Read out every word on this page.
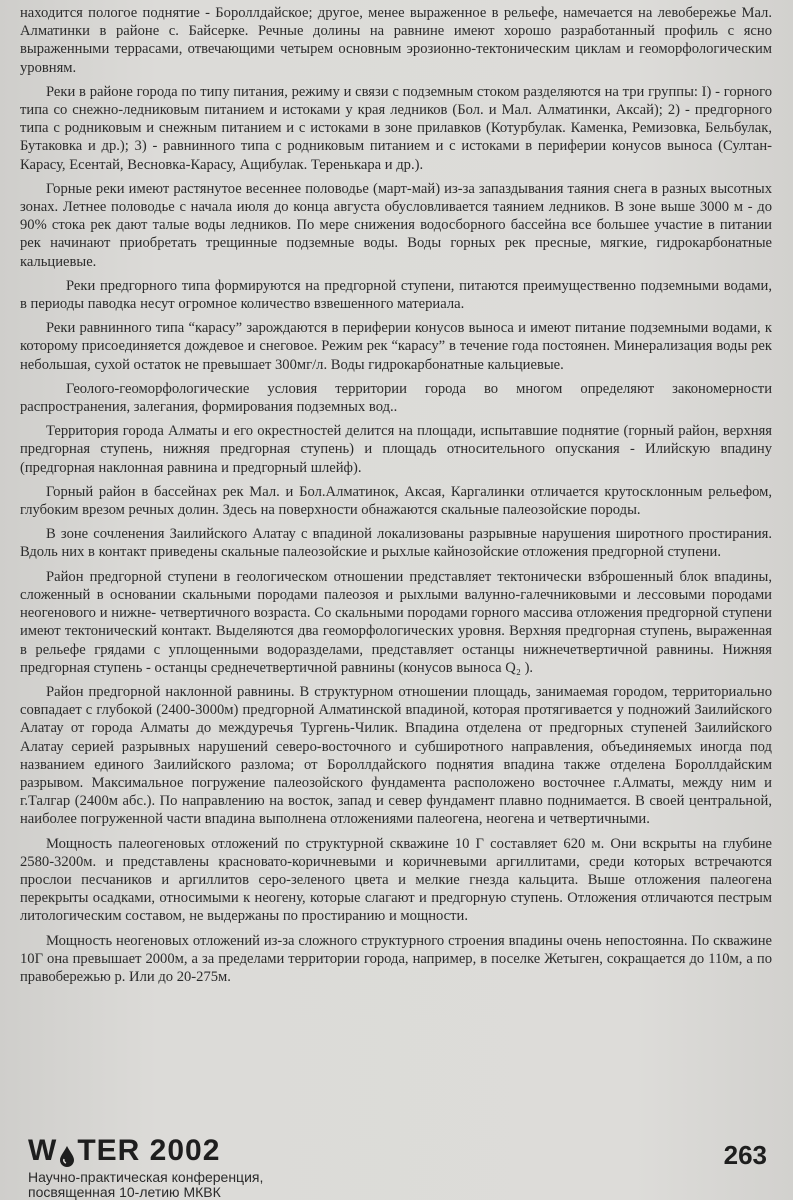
находится пологое поднятие - Бороллдайское; другое, менее выраженное в рельефе, намечается на левобережье Мал. Алматинки в районе с. Байсерке. Речные долины на равнине имеют хорошо разработанный профиль с ясно выраженными террасами, отвечающими четырем основным эрозионно-тектоническим циклам и геоморфологическим уровням.

Реки в районе города по типу питания, режиму и связи с подземным стоком разделяются на три группы: I) - горного типа со снежно-ледниковым питанием и истоками у края ледников (Бол. и Мал. Алматинки, Аксай); 2) - предгорного типа с родниковым и снежным питанием и с истоками в зоне прилавков (Котурбулак. Каменка, Ремизовка, Бельбулак, Бутаковка и др.); 3) - равнинного типа с родниковым питанием и с истоками в периферии конусов выноса (Султан-Карасу, Есентай, Весновка-Карасу, Ащибулак. Теренькара и др.).

Горные реки имеют растянутое весеннее половодье (март-май) из-за запаздывания таяния снега в разных высотных зонах. Летнее половодье с начала июля до конца августа обусловливается таянием ледников. В зоне выше 3000 м - до 90% стока рек дают талые воды ледников. По мере снижения водосборного бассейна все большее участие в питании рек начинают приобретать трещинные подземные воды. Воды горных рек пресные, мягкие, гидрокарбонатные кальциевые.

Реки предгорного типа формируются на предгорной ступени, питаются преимущественно подземными водами, в периоды паводка несут огромное количество взвешенного материала.

Реки равнинного типа “карасу” зарождаются в периферии конусов выноса и имеют питание подземными водами, к которому присоединяется дождевое и снеговое. Режим рек “карасу” в течение года постоянен. Минерализация воды рек небольшая, сухой остаток не превышает 300мг/л. Воды гидрокарбонатные кальциевые.

Геолого-геоморфологические условия территории города во многом определяют закономерности распространения, залегания, формирования подземных вод..

Территория города Алматы и его окрестностей делится на площади, испытавшие поднятие (горный район, верхняя предгорная ступень, нижняя предгорная ступень) и площадь относительного опускания - Илийскую впадину (предгорная наклонная равнина и предгорный шлейф).

Горный район в бассейнах рек Мал. и Бол.Алматинок, Аксая, Каргалинки отличается крутосклонным рельефом, глубоким врезом речных долин. Здесь на поверхности обнажаются скальные палеозойские породы.

В зоне сочленения Заилийского Алатау с впадиной локализованы разрывные нарушения широтного простирания. Вдоль них в контакт приведены скальные палеозойские и рыхлые кайнозойские отложения предгорной ступени.

Район предгорной ступени в геологическом отношении представляет тектонически взброшенный блок впадины, сложенный в основании скальными породами палеозоя и рыхлыми валунно-галечниковыми и лессовыми породами неогенового и нижне- четвертичного возраста. Со скальными породами горного массива отложения предгорной ступени имеют тектонический контакт. Выделяются два геоморфологических уровня. Верхняя предгорная ступень, выраженная в рельефе грядами с уплощенными водоразделами, представляет останцы нижнечетвертичной равнины. Нижняя предгорная ступень - останцы среднечетвертичной равнины (конусов выноса Q₂ ).

Район предгорной наклонной равнины. В структурном отношении площадь, занимаемая городом, территориально совпадает с глубокой (2400-3000м) предгорной Алматинской впадиной, которая протягивается у подножий Заилийского Алатау от города Алматы до междуречья Тургень-Чилик. Впадина отделена от предгорных ступеней Заилийского Алатау серией разрывных нарушений северо-восточного и субширотного направления, объединяемых иногда под названием единого Заилийского разлома; от Бороллдайского поднятия впадина также отделена Бороллдайским разрывом. Максимальное погружение палеозойского фундамента расположено восточнее г.Алматы, между ним и г.Талгар (2400м абс.). По направлению на восток, запад и север фундамент плавно поднимается. В своей центральной, наиболее погруженной части впадина выполнена отложениями палеогена, неогена и четвертичными.

Мощность палеогеновых отложений по структурной скважине 10 Г составляет 620 м. Они вскрыты на глубине 2580-3200м. и представлены красновато-коричневыми и коричневыми аргиллитами, среди которых встречаются прослои песчаников и аргиллитов серо-зеленого цвета и мелкие гнезда кальцита. Выше отложения палеогена перекрыты осадками, относимыми к неогену, которые слагают и предгорную ступень. Отложения отличаются пестрым литологическим составом, не выдержаны по простиранию и мощности.

Мощность неогеновых отложений из-за сложного структурного строения впадины очень непостоянна. По скважине 10Г она превышает 2000м, а за пределами территории города, например, в поселке Жетыген, сокращается до 110м, а по правобережью р. Или до 20-275м.

W TER 2002
Научно-практическая конференция,
посвященная 10-летию МКВК
263
